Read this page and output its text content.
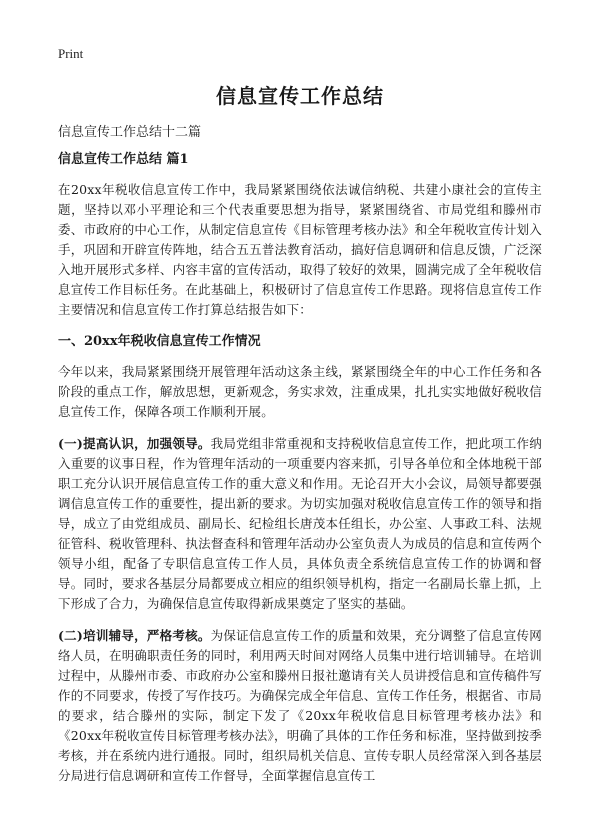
Print
信息宣传工作总结
信息宣传工作总结十二篇
信息宣传工作总结 篇1

在20xx年税收信息宣传工作中，我局紧紧围绕依法诚信纳税、共建小康社会的宣传主题，坚持以邓小平理论和三个代表重要思想为指导，紧紧围绕省、市局党组和滕州市委、市政府的中心工作，从制定信息宣传《目标管理考核办法》和全年税收宣传计划入手，巩固和开辟宣传阵地，结合五五普法教育活动，搞好信息调研和信息反馈，广泛深入地开展形式多样、内容丰富的宣传活动，取得了较好的效果，圆满完成了全年税收信息宣传工作目标任务。在此基础上，积极研讨了信息宣传工作思路。现将信息宣传工作主要情况和信息宣传工作打算总结报告如下：

一、20xx年税收信息宣传工作情况

今年以来，我局紧紧围绕开展管理年活动这条主线，紧紧围绕全年的中心工作任务和各阶段的重点工作，解放思想，更新观念，务实求效，注重成果，扎扎实实地做好税收信息宣传工作，保障各项工作顺利开展。

(一)提高认识，加强领导。我局党组非常重视和支持税收信息宣传工作，把此项工作纳入重要的议事日程，作为管理年活动的一项重要内容来抓，引导各单位和全体地税干部职工充分认识开展信息宣传工作的重大意义和作用。无论召开大小会议，局领导都要强调信息宣传工作的重要性，提出新的要求。为切实加强对税收信息宣传工作的领导和指导，成立了由党组成员、副局长、纪检组长唐茂本任组长，办公室、人事政工科、法规征管科、税收管理科、执法督查科和管理年活动办公室负责人为成员的信息和宣传两个领导小组，配备了专职信息宣传工作人员，具体负责全系统信息宣传工作的协调和督导。同时，要求各基层分局都要成立相应的组织领导机构，指定一名副局长靠上抓，上下形成了合力，为确保信息宣传取得新成果奠定了坚实的基础。

(二)培训辅导，严格考核。为保证信息宣传工作的质量和效果，充分调整了信息宣传网络人员，在明确职责任务的同时，利用两天时间对网络人员集中进行培训辅导。在培训过程中，从滕州市委、市政府办公室和滕州日报社邀请有关人员讲授信息和宣传稿件写作的不同要求，传授了写作技巧。为确保完成全年信息、宣传工作任务，根据省、市局的要求，结合滕州的实际，制定下发了《20xx年税收信息目标管理考核办法》和《20xx年税收宣传目标管理考核办法》，明确了具体的工作任务和标准，坚持做到按季考核，并在系统内进行通报。同时，组织局机关信息、宣传专职人员经常深入到各基层分局进行信息调研和宣传工作督导，全面掌握信息宣传工
